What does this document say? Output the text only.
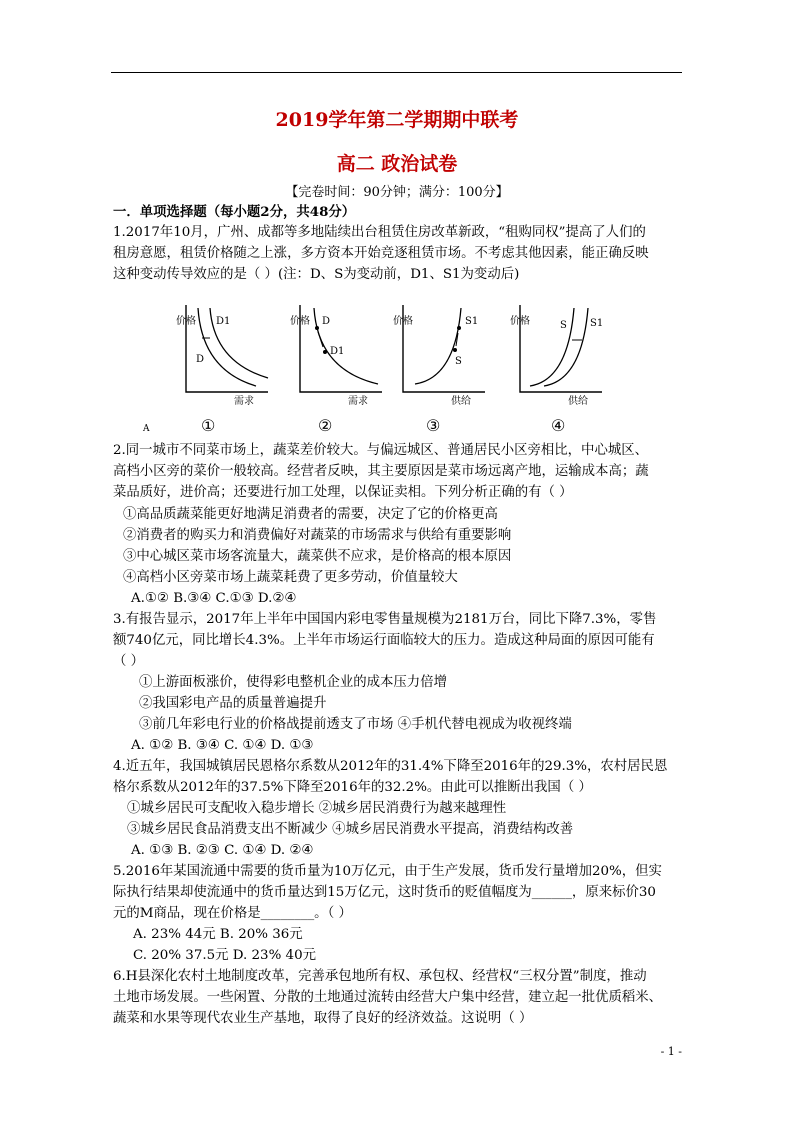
2019学年第二学期期中联考
高二 政治试卷
【完卷时间：90分钟；满分：100分】
一．单项选择题（每小题2分，共48分）
1.2017年10月，广州、成都等多地陆续出台租赁住房改革新政，“租购同权”提高了人们的
租房意愿，租赁价格随之上涨，多方资本开始竞逐租赁市场。不考虑其他因素，能正确反映
这种变动传导效应的是（ ）(注：D、S为变动前，D1、S1为变动后)
价格
需求
D
D1
①
价格
需求
D
D1
②
价格
供给
S
S1
③
价格
供给
S S1
④
A
2.同一城市不同菜市场上，蔬菜差价较大。与偏远城区、普通居民小区旁相比，中心城区、
高档小区旁的菜价一般较高。经营者反映，其主要原因是菜市场远离产地，运输成本高；蔬
菜品质好，进价高；还要进行加工处理，以保证卖相。下列分析正确的有（ ）
①高品质蔬菜能更好地满足消费者的需要，决定了它的价格更高
②消费者的购买力和消费偏好对蔬菜的市场需求与供给有重要影响
③中心城区菜市场客流量大，蔬菜供不应求，是价格高的根本原因
④高档小区旁菜市场上蔬菜耗费了更多劳动，价值量较大
A.①② B.③④ C.①③ D.②④
3.有报告显示，2017年上半年中国国内彩电零售量规模为2181万台，同比下降7.3%，零售
额740亿元，同比增长4.3%。上半年市场运行面临较大的压力。造成这种局面的原因可能有
（ ）
①上游面板涨价，使得彩电整机企业的成本压力倍增
②我国彩电产品的质量普遍提升
③前几年彩电行业的价格战提前透支了市场 ④手机代替电视成为收视终端
A. ①② B. ③④ C. ①④ D. ①③
4.近五年，我国城镇居民恩格尔系数从2012年的31.4%下降至2016年的29.3%，农村居民恩
格尔系数从2012年的37.5%下降至2016年的32.2%。由此可以推断出我国（ ）
①城乡居民可支配收入稳步增长 ②城乡居民消费行为越来越理性
③城乡居民食品消费支出不断减少 ④城乡居民消费水平提高，消费结构改善
A. ①③ B. ②③ C. ①④ D. ②④
5.2016年某国流通中需要的货币量为10万亿元，由于生产发展，货币发行量增加20%，但实
际执行结果却使流通中的货币量达到15万亿元，这时货币的贬值幅度为______，原来标价30
元的M商品，现在价格是________。（ ）
A. 23% 44元 B. 20% 36元
C. 20% 37.5元 D. 23% 40元
6.H县深化农村土地制度改革，完善承包地所有权、承包权、经营权“三权分置”制度，推动
土地市场发展。一些闲置、分散的土地通过流转由经营大户集中经营，建立起一批优质稻米、
蔬菜和水果等现代农业生产基地，取得了良好的经济效益。这说明（ ）
- 1 -
